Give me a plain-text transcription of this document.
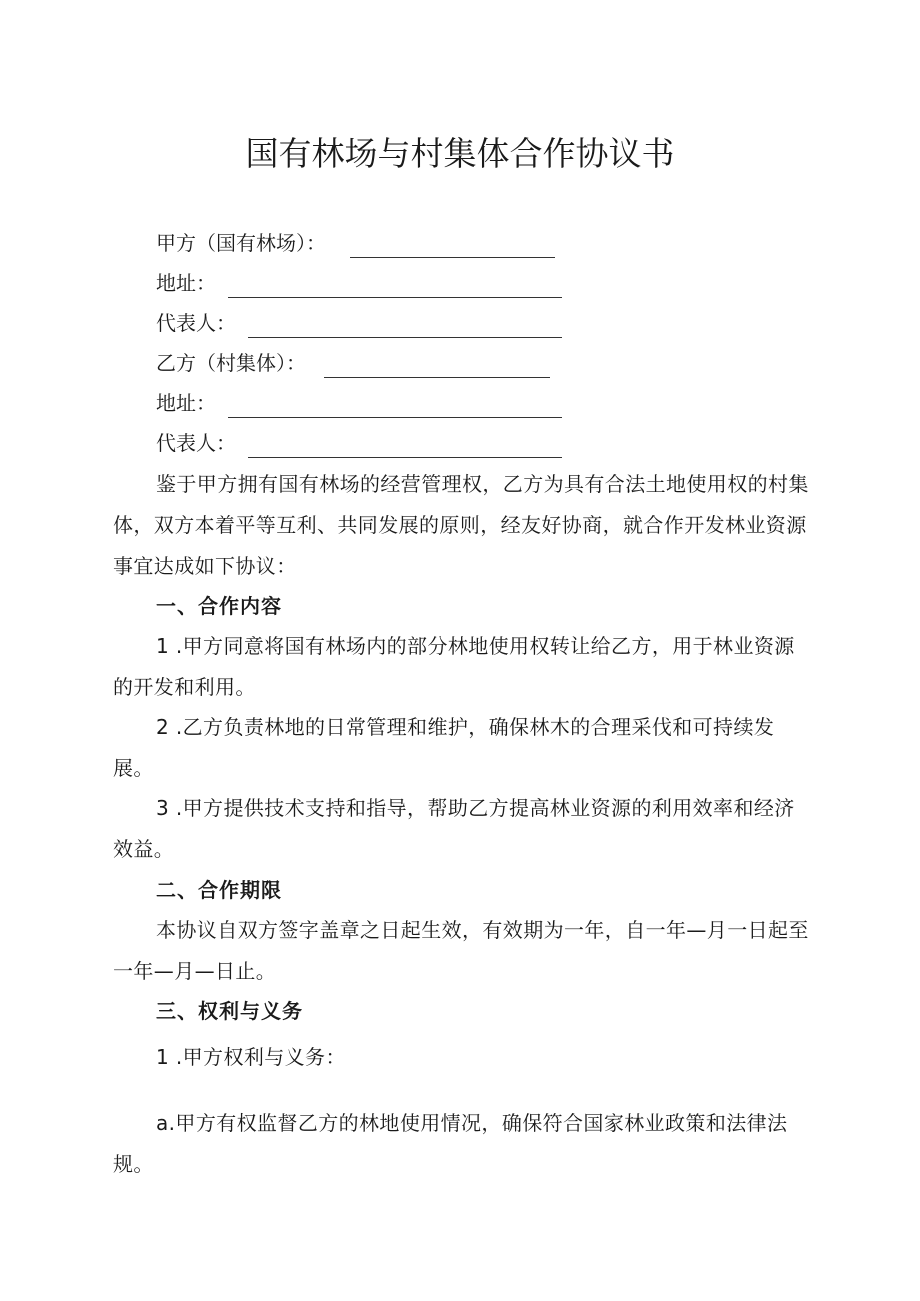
国有林场与村集体合作协议书
甲方（国有林场）：
地址：
代表人：
乙方（村集体）：
地址：
代表人：
鉴于甲方拥有国有林场的经营管理权，乙方为具有合法土地使用权的村集体，双方本着平等互利、共同发展的原则，经友好协商，就合作开发林业资源事宜达成如下协议：
一、合作内容
1 .甲方同意将国有林场内的部分林地使用权转让给乙方，用于林业资源的开发和利用。
2 .乙方负责林地的日常管理和维护，确保林木的合理采伐和可持续发展。
3 .甲方提供技术支持和指导，帮助乙方提高林业资源的利用效率和经济效益。
二、合作期限
本协议自双方签字盖章之日起生效，有效期为一年，自一年—月一日起至一年—月—日止。
三、权利与义务
1 .甲方权利与义务：
a.甲方有权监督乙方的林地使用情况，确保符合国家林业政策和法律法规。
